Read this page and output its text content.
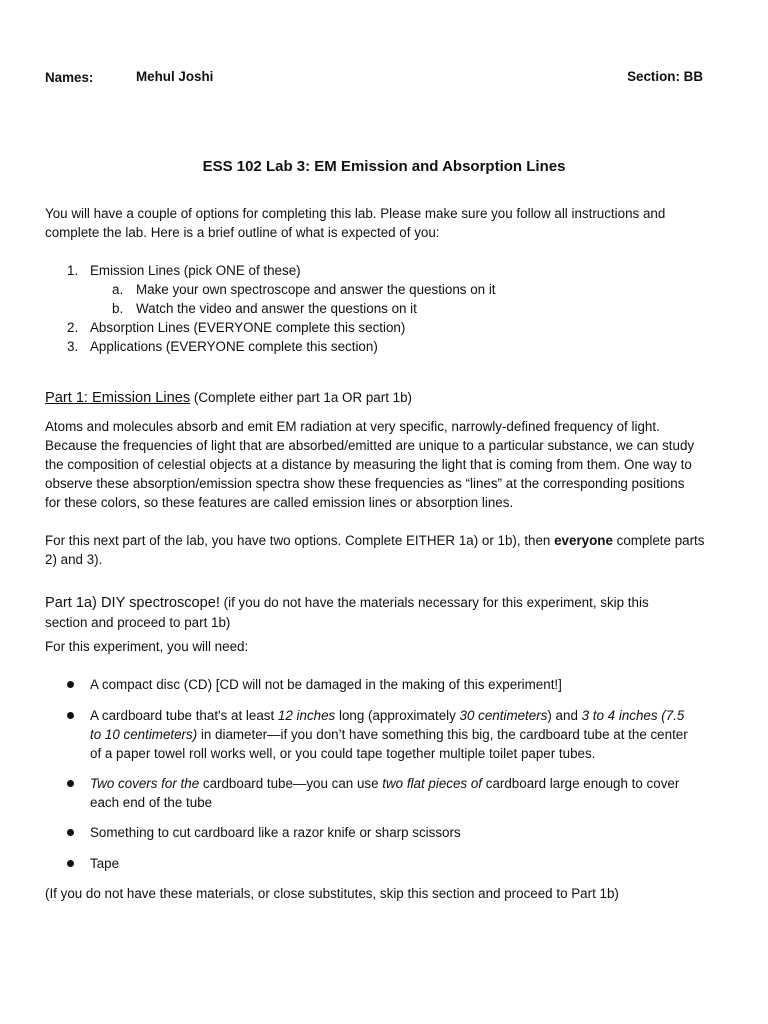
Names:	Mehul Joshi	Section: BB
ESS 102 Lab 3: EM Emission and Absorption Lines

You will have a couple of options for completing this lab. Please make sure you follow all instructions and

complete the lab. Here is a brief outline of what is expected of you:

1. Emission Lines (pick ONE of these)
a. Make your own spectroscope and answer the questions on it
b. Watch the video and answer the questions on it
2. Absorption Lines (EVERYONE complete this section)
3. Applications (EVERYONE complete this section)
Part 1: Emission Lines (Complete either part 1a OR part 1b)

Atoms and molecules absorb and emit EM radiation at very specific, narrowly-defined frequency of light.

Because the frequencies of light that are absorbed/emitted are unique to a particular substance, we can study

the composition of celestial objects at a distance by measuring the light that is coming from them. One way to

observe these absorption/emission spectra show these frequencies as “lines” at the corresponding positions

for these colors, so these features are called emission lines or absorption lines.

For this next part of the lab, you have two options. Complete EITHER 1a) or 1b), then everyone complete parts

2) and 3).

Part 1a) DIY spectroscope! (if you do not have the materials necessary for this experiment, skip this

section and proceed to part 1b)

For this experiment, you will need:
A compact disc (CD) [CD will not be damaged in the making of this experiment!]

A cardboard tube that's at least 12 inches long (approximately 30 centimeters) and 3 to 4 inches (7.5

to 10 centimeters) in diameter—if you don’t have something this big, the cardboard tube at the center

of a paper towel roll works well, or you could tape together multiple toilet paper tubes.

Two covers for the cardboard tube—you can use two flat pieces of cardboard large enough to cover

each end of the tube

Something to cut cardboard like a razor knife or sharp scissors
Tape
(If you do not have these materials, or close substitutes, skip this section and proceed to Part 1b)
